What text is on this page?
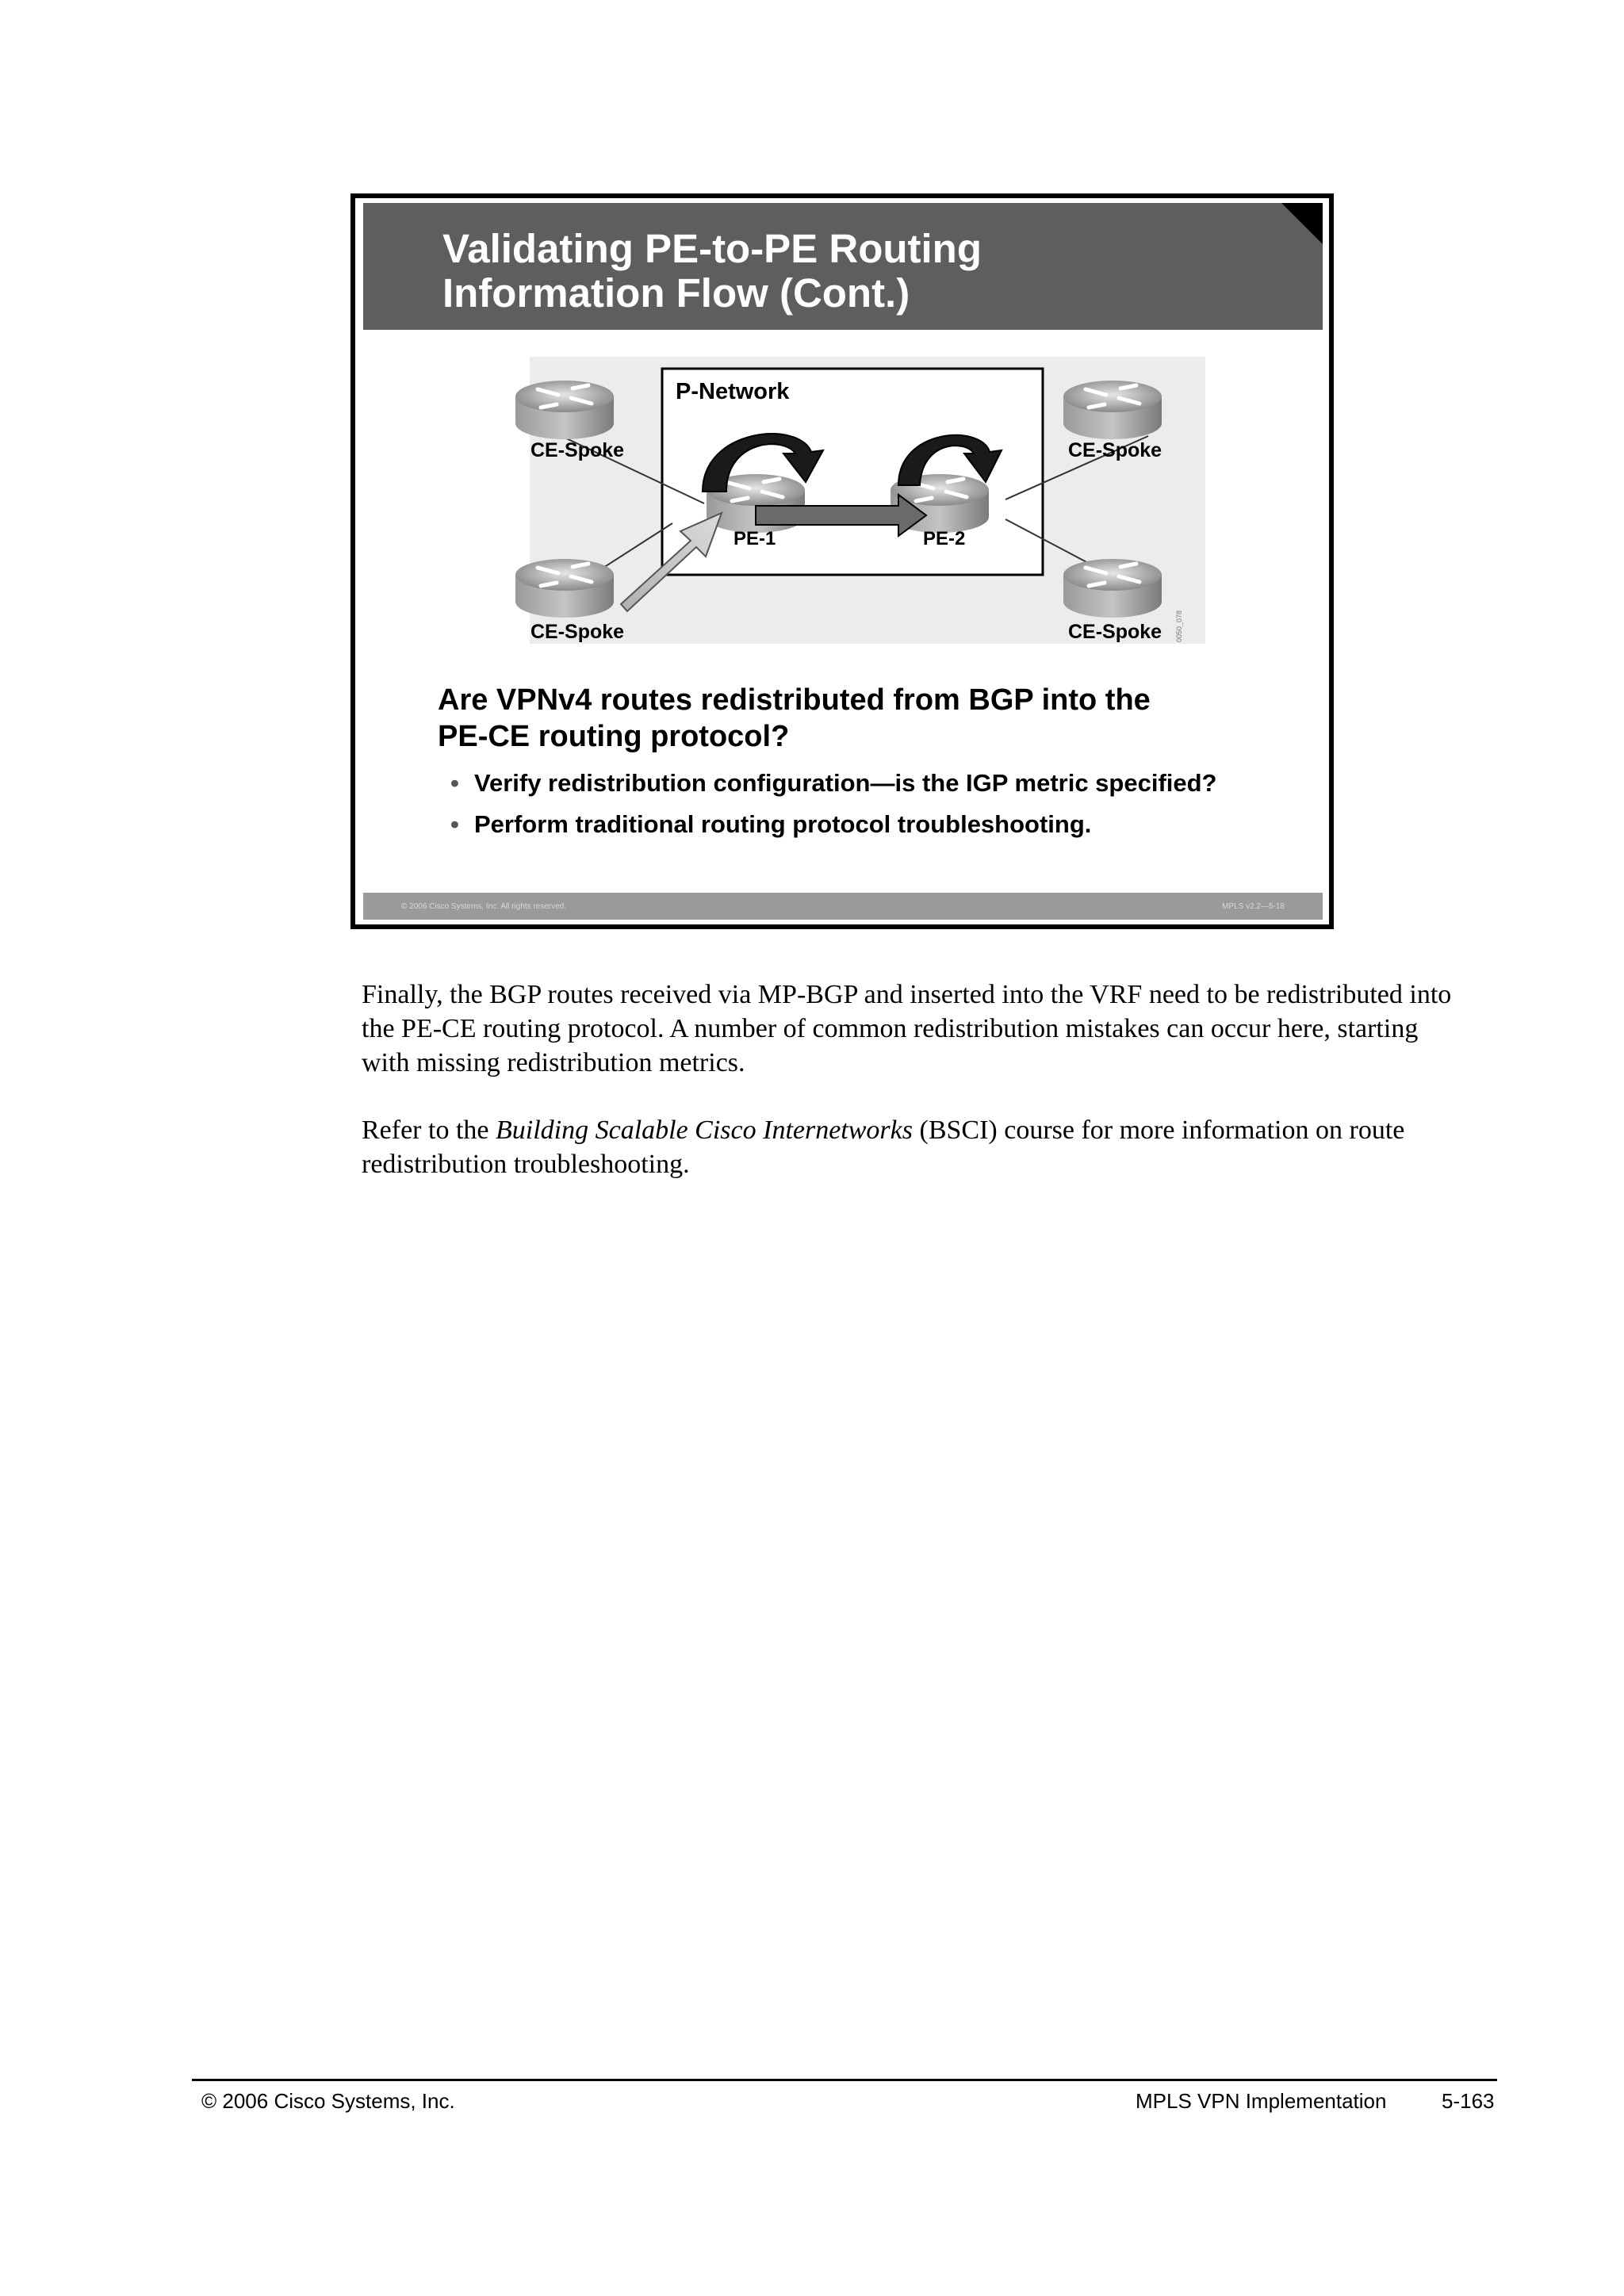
Validating PE-to-PE Routing
Information Flow (Cont.)
P-Network
CE-Spoke
CE-Spoke
CE-Spoke
CE-Spoke
PE-1	PE-2
0050_078

Are VPNv4 routes redistributed from BGP into the
PE-CE routing protocol?

• Verify redistribution configuration—is the IGP metric specified?
• Perform traditional routing protocol troubleshooting.
© 2006 Cisco Systems, Inc. All rights reserved.	MPLS v2.2—5-18

Finally, the BGP routes received via MP-BGP and inserted into the VRF need to be redistributed into the PE-CE routing protocol. A number of common redistribution mistakes can occur here, starting with missing redistribution metrics.

Refer to the Building Scalable Cisco Internetworks (BSCI) course for more information on route redistribution troubleshooting.

© 2006 Cisco Systems, Inc.	MPLS VPN Implementation	5-163
